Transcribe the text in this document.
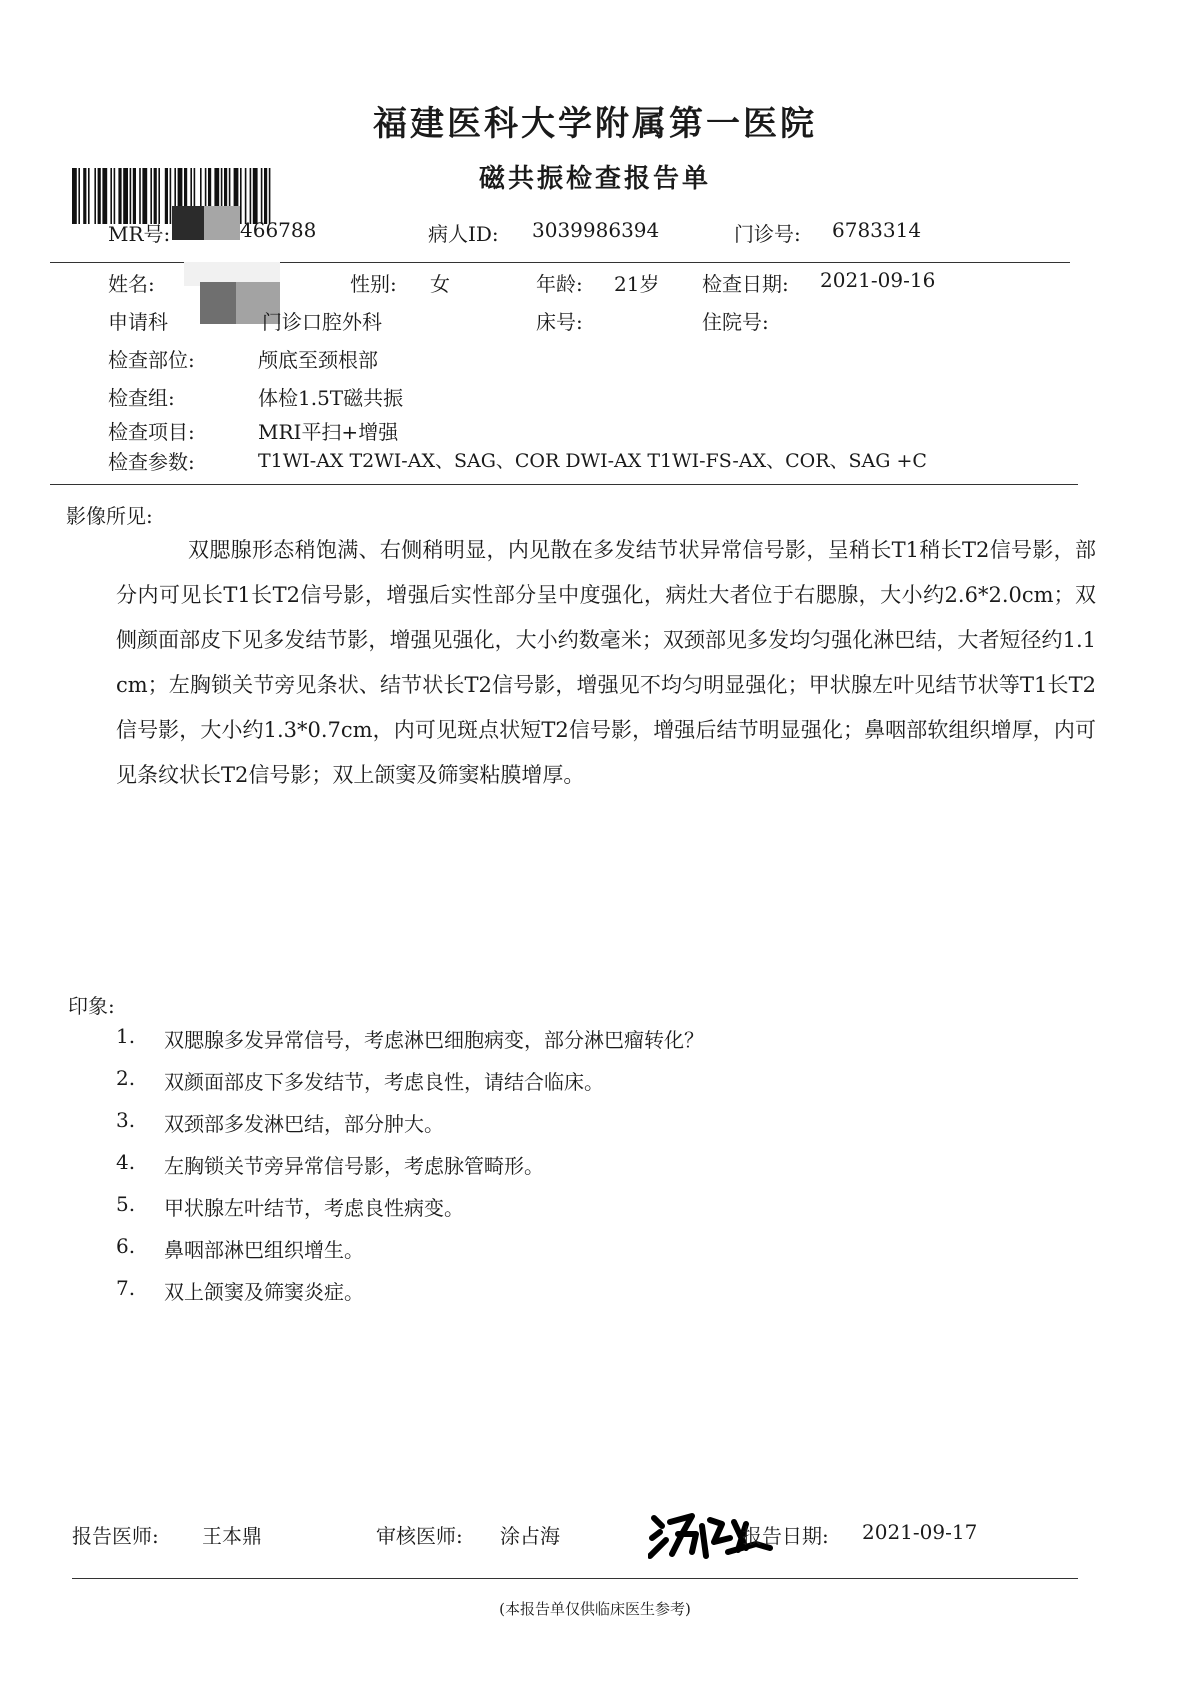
福建医科大学附属第一医院
磁共振检查报告单
MR号:	466788	病人ID: 3039986394	门诊号: 6783314
姓名:	性别: 女	年龄: 21岁 检查日期: 2021-09-16
申请科	门诊口腔外科	床号:	住院号:
检查部位:	颅底至颈根部
检查组:	体检1.5T磁共振
检查项目:	MRI平扫+增强
检查参数:	T1WI-AX T2WI-AX、SAG、COR DWI-AX T1WI-FS-AX、COR、SAG +C
影像所见:
双腮腺形态稍饱满、右侧稍明显，内见散在多发结节状异常信号影，呈稍长T1稍长T2信号影，部分内可见长T1长T2信号影，增强后实性部分呈中度强化，病灶大者位于右腮腺，大小约2.6*2.0cm；双侧颜面部皮下见多发结节影，增强见强化，大小约数毫米；双颈部见多发均匀强化淋巴结，大者短径约1.1cm；左胸锁关节旁见条状、结节状长T2信号影，增强见不均匀明显强化；甲状腺左叶见结节状等T1长T2信号影，大小约1.3*0.7cm，内可见斑点状短T2信号影，增强后结节明显强化；鼻咽部软组织增厚，内可见条纹状长T2信号影；双上颌窦及筛窦粘膜增厚。
印象:
1. 双腮腺多发异常信号，考虑淋巴细胞病变，部分淋巴瘤转化？
2. 双颜面部皮下多发结节，考虑良性，请结合临床。
3. 双颈部多发淋巴结，部分肿大。
4. 左胸锁关节旁异常信号影，考虑脉管畸形。
5. 甲状腺左叶结节，考虑良性病变。
6. 鼻咽部淋巴组织增生。
7. 双上颌窦及筛窦炎症。
报告医师: 王本鼎	审核医师: 涂占海	报告日期: 2021-09-17
(本报告单仅供临床医生参考)
